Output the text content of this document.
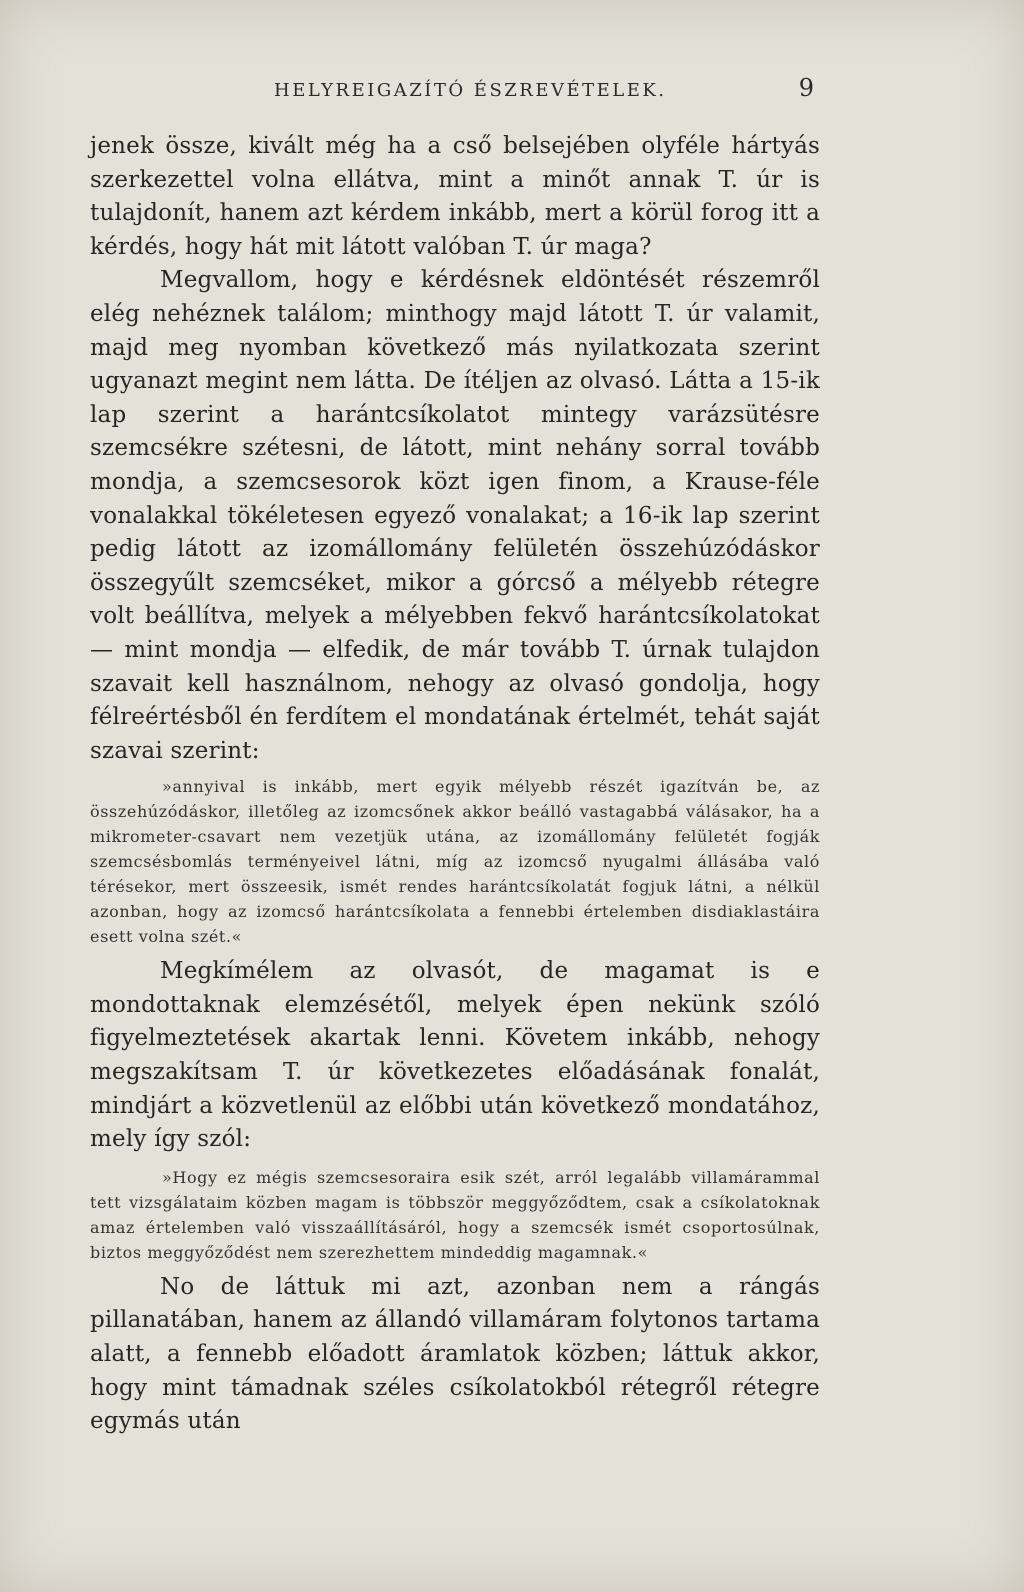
HELYREIGAZÍTÓ ÉSZREVÉTELEK.	9

jenek össze, kivált még ha a cső belsejében olyféle hártyás szerkezettel volna ellátva, mint a minőt annak T. úr is tulajdonít, hanem azt kérdem inkább, mert a körül forog itt a kérdés, hogy hát mit látott valóban T. úr maga?

Megvallom, hogy e kérdésnek eldöntését részemről elég nehéznek találom; minthogy majd látott T. úr valamit, majd meg nyomban következő más nyilatkozata szerint ugyanazt megint nem látta. De ítéljen az olvasó. Látta a 15-ik lap szerint a harántcsíkolatot mintegy varázsütésre szemcsékre szétesni, de látott, mint nehány sorral tovább mondja, a szemcsesorok közt igen finom, a Krause-féle vonalakkal tökéletesen egyező vonalakat; a 16-ik lap szerint pedig látott az izomállomány felületén összehúzódáskor összegyűlt szemcséket, mikor a górcső a mélyebb rétegre volt beállítva, melyek a mélyebben fekvő harántcsíkolatokat — mint mondja — elfedik, de már tovább T. úrnak tulajdon szavait kell használnom, nehogy az olvasó gondolja, hogy félreértésből én ferdítem el mondatának értelmét, tehát saját szavai szerint:

»annyival is inkább, mert egyik mélyebb részét igazítván be, az összehúzódáskor, illetőleg az izomcsőnek akkor beálló vastagabbá válásakor, ha a mikrometer-csavart nem vezetjük utána, az izomállomány felületét fogják szemcsésbomlás terményeivel látni, míg az izomcső nyugalmi állásába való térésekor, mert összeesik, ismét rendes harántcsíkolatát fogjuk látni, a nélkül azonban, hogy az izomcső harántcsíkolata a fennebbi értelemben disdiaklastáira esett volna szét.«

Megkímélem az olvasót, de magamat is e mondottaknak elemzésétől, melyek épen nekünk szóló figyelmeztetések akartak lenni. Követem inkább, nehogy megszakítsam T. úr következetes előadásának fonalát, mindjárt a közvetlenül az előbbi után következő mondatához, mely így szól:

»Hogy ez mégis szemcsesoraira esik szét, arról legalább villamárammal tett vizsgálataim közben magam is többször meggyőződtem, csak a csíkolatoknak amaz értelemben való visszaállításáról, hogy a szemcsék ismét csoportosúlnak, biztos meggyőződést nem szerezhettem mindeddig magamnak.«

No de láttuk mi azt, azonban nem a rángás pillanatában, hanem az állandó villamáram folytonos tartama alatt, a fennebb előadott áramlatok közben; láttuk akkor, hogy mint támadnak széles csíkolatokból rétegről rétegre egymás után
